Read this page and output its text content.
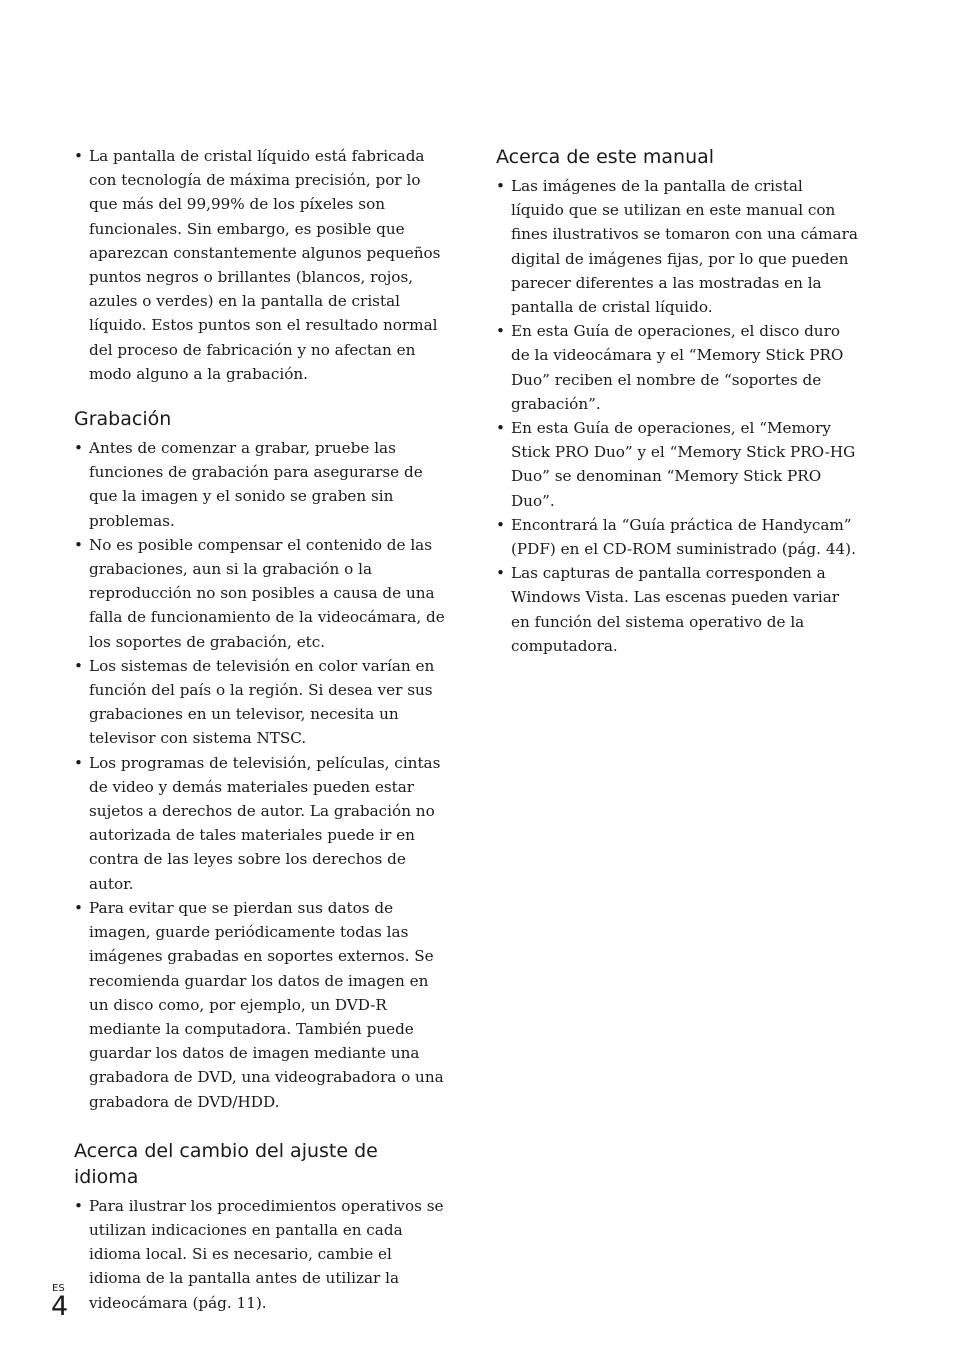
• La pantalla de cristal líquido está fabricada con tecnología de máxima precisión, por lo que más del 99,99% de los píxeles son funcionales. Sin embargo, es posible que aparezcan constantemente algunos pequeños puntos negros o brillantes (blancos, rojos, azules o verdes) en la pantalla de cristal líquido. Estos puntos son el resultado normal del proceso de fabricación y no afectan en modo alguno a la grabación.
Grabación
• Antes de comenzar a grabar, pruebe las funciones de grabación para asegurarse de que la imagen y el sonido se graben sin problemas.
• No es posible compensar el contenido de las grabaciones, aun si la grabación o la reproducción no son posibles a causa de una falla de funcionamiento de la videocámara, de los soportes de grabación, etc.
• Los sistemas de televisión en color varían en función del país o la región. Si desea ver sus grabaciones en un televisor, necesita un televisor con sistema NTSC.
• Los programas de televisión, películas, cintas de video y demás materiales pueden estar sujetos a derechos de autor. La grabación no autorizada de tales materiales puede ir en contra de las leyes sobre los derechos de autor.
• Para evitar que se pierdan sus datos de imagen, guarde periódicamente todas las imágenes grabadas en soportes externos. Se recomienda guardar los datos de imagen en un disco como, por ejemplo, un DVD-R mediante la computadora. También puede guardar los datos de imagen mediante una grabadora de DVD, una videograbadora o una grabadora de DVD/HDD.
Acerca del cambio del ajuste de idioma
• Para ilustrar los procedimientos operativos se utilizan indicaciones en pantalla en cada idioma local. Si es necesario, cambie el idioma de la pantalla antes de utilizar la videocámara (pág. 11).
Acerca de este manual
• Las imágenes de la pantalla de cristal líquido que se utilizan en este manual con fines ilustrativos se tomaron con una cámara digital de imágenes fijas, por lo que pueden parecer diferentes a las mostradas en la pantalla de cristal líquido.
• En esta Guía de operaciones, el disco duro de la videocámara y el “Memory Stick PRO Duo” reciben el nombre de “soportes de grabación”.
• En esta Guía de operaciones, el “Memory Stick PRO Duo” y el “Memory Stick PRO-HG Duo” se denominan “Memory Stick PRO Duo”.
• Encontrará la “Guía práctica de Handycam” (PDF) en el CD-ROM suministrado (pág. 44).
• Las capturas de pantalla corresponden a Windows Vista. Las escenas pueden variar en función del sistema operativo de la computadora.
ES
4
